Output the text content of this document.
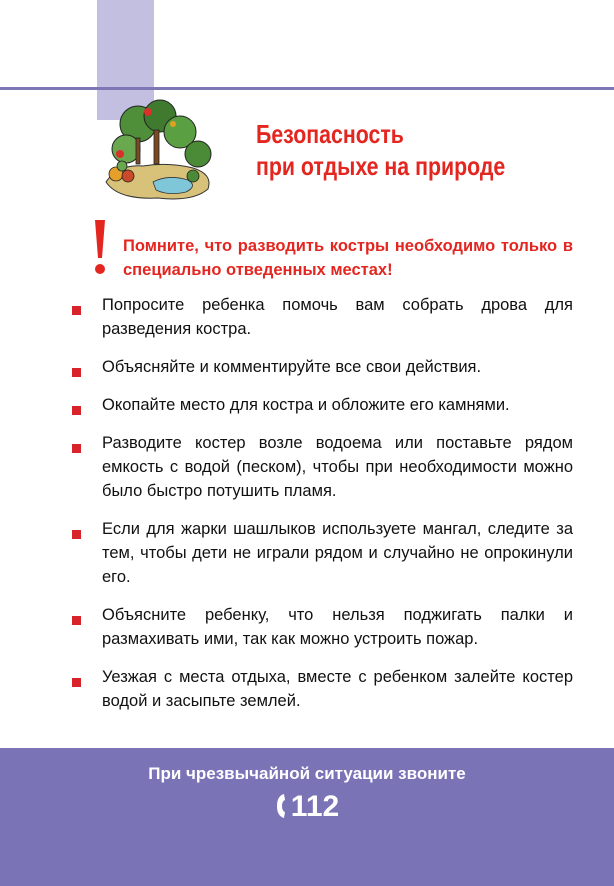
Безопасность
при отдыхе на природе
Помните, что разводить костры необходимо только в специально отведенных местах!
Попросите ребенка помочь вам собрать дрова для разведения костра.
Объясняйте и комментируйте все свои действия.
Окопайте место для костра и обложите его камнями.
Разводите костер возле водоема или поставьте рядом емкость с водой (песком), чтобы при необходимости можно было быстро потушить пламя.
Если для жарки шашлыков используете мангал, следите за тем, чтобы дети не играли рядом и случайно не опрокинули его.
Объясните ребенку, что нельзя поджигать палки и размахивать ими, так как можно устроить пожар.
Уезжая с места отдыха, вместе с ребенком залейте костер водой и засыпьте землей.
При чрезвычайной ситуации звоните
112
